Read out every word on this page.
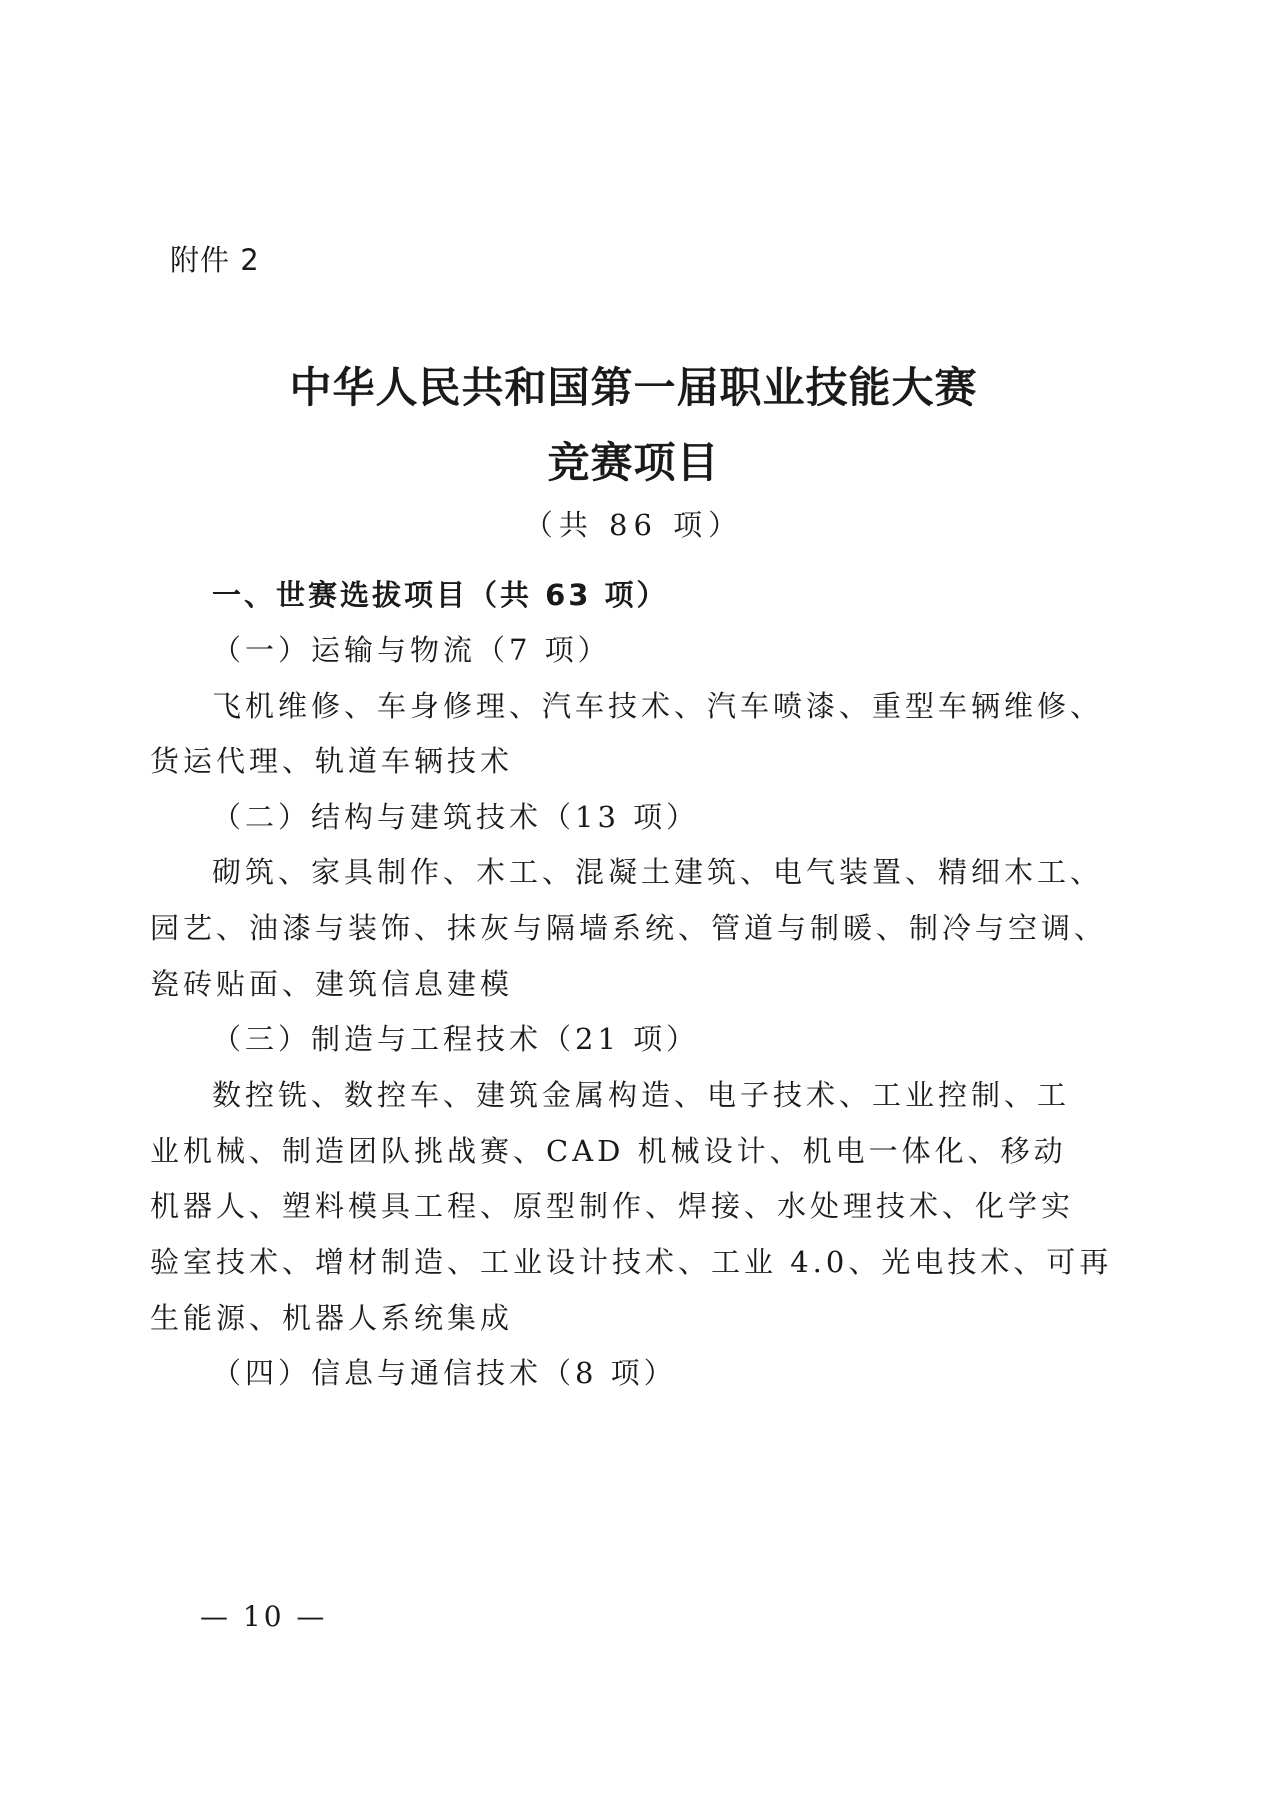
附件 2
中华人民共和国第一届职业技能大赛
竞赛项目
（共 86 项）
一、世赛选拔项目（共 63 项）
（一）运输与物流（7 项）
飞机维修、车身修理、汽车技术、汽车喷漆、重型车辆维修、
货运代理、轨道车辆技术
（二）结构与建筑技术（13 项）
砌筑、家具制作、木工、混凝土建筑、电气装置、精细木工、
园艺、油漆与装饰、抹灰与隔墙系统、管道与制暖、制冷与空调、
瓷砖贴面、建筑信息建模
（三）制造与工程技术（21 项）
数控铣、数控车、建筑金属构造、电子技术、工业控制、工
业机械、制造团队挑战赛、CAD 机械设计、机电一体化、移动
机器人、塑料模具工程、原型制作、焊接、水处理技术、化学实
验室技术、增材制造、工业设计技术、工业 4.0、光电技术、可再
生能源、机器人系统集成
（四）信息与通信技术（8 项）
— 10 —
